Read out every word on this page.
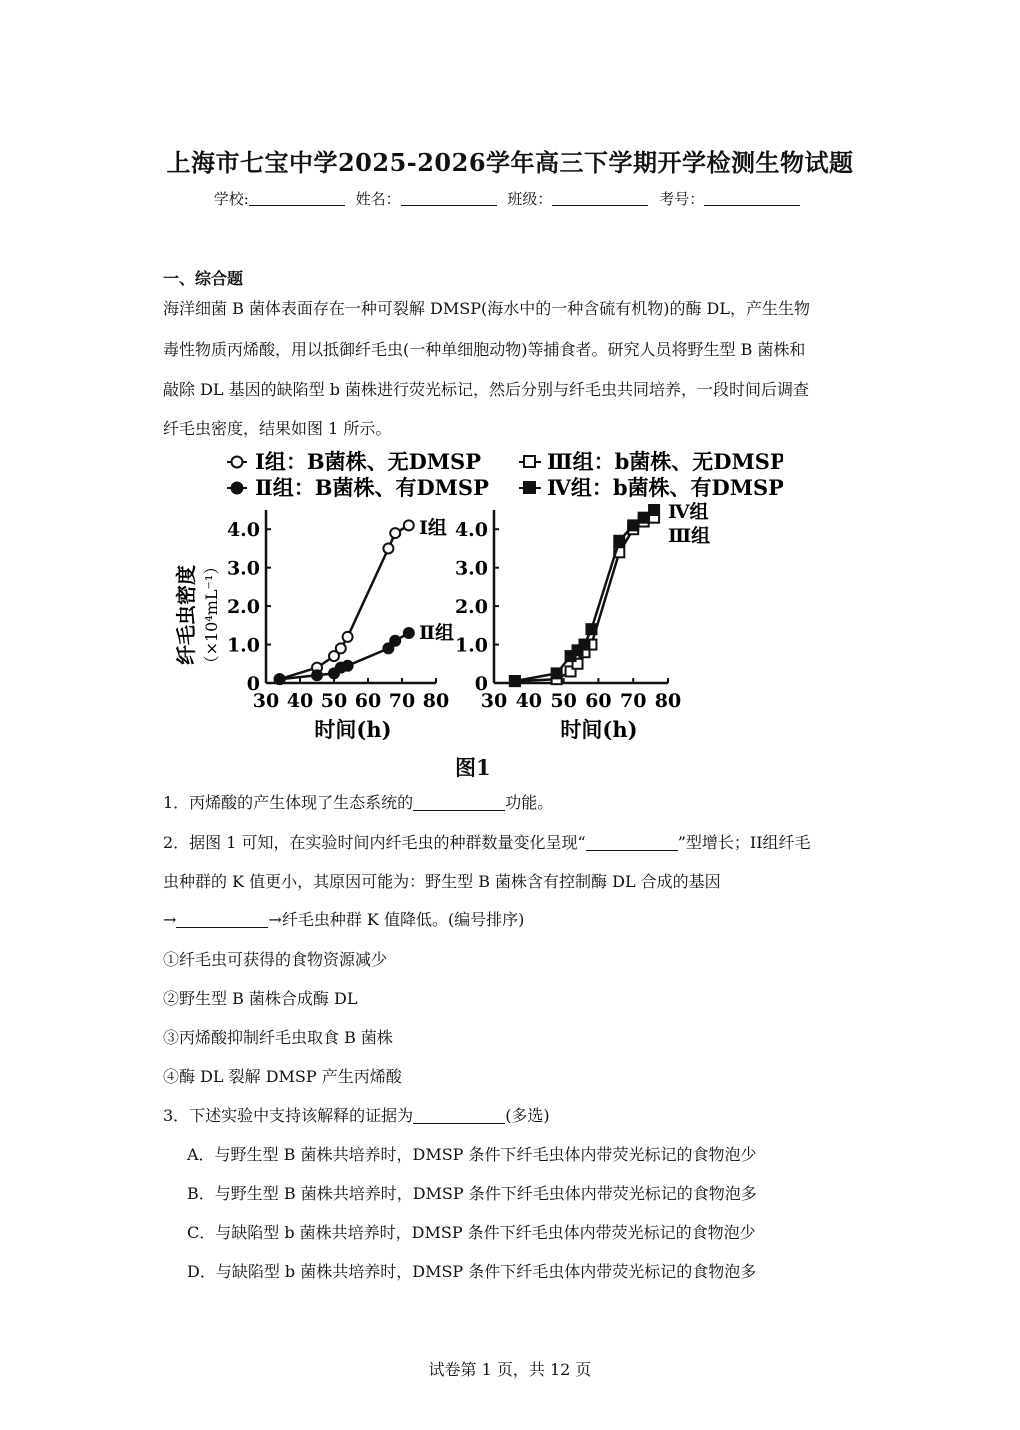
上海市七宝中学2025-2026学年高三下学期开学检测生物试题
学校:	姓名：	班级：	考号：
一、综合题
海洋细菌 B 菌体表面存在一种可裂解 DMSP(海水中的一种含硫有机物)的酶 DL，产生生物
毒性物质丙烯酸，用以抵御纤毛虫(一种单细胞动物)等捕食者。研究人员将野生型 B 菌株和
敲除 DL 基因的缺陷型 b 菌株进行荧光标记，然后分别与纤毛虫共同培养，一段时间后调查
纤毛虫密度，结果如图 1 所示。
Ⅰ组：B菌株、无DMSP
Ⅱ组：B菌株、有DMSP
Ⅲ组：b菌株、无DMSP
Ⅳ组：b菌株、有DMSP
纤毛虫密度 （×10⁴mL⁻¹）
30 40 50 60 70 80
0
1.0
2.0
3.0
4.0
30 40 50 60 70 80
0
1.0
2.0
3.0
4.0
Ⅰ组
Ⅱ组
Ⅳ组
Ⅲ组
时间(h)	时间(h)
图1
1．丙烯酸的产生体现了生态系统的	功能。
2．据图 1 可知，在实验时间内纤毛虫的种群数量变化呈现“	”型增长；II组纤毛
虫种群的 K 值更小，其原因可能为：野生型 B 菌株含有控制酶 DL 合成的基因
→	→纤毛虫种群 K 值降低。(编号排序)
①纤毛虫可获得的食物资源减少
②野生型 B 菌株合成酶 DL
③丙烯酸抑制纤毛虫取食 B 菌株
④酶 DL 裂解 DMSP 产生丙烯酸
3．下述实验中支持该解释的证据为	(多选)
A．与野生型 B 菌株共培养时，DMSP 条件下纤毛虫体内带荧光标记的食物泡少
B．与野生型 B 菌株共培养时，DMSP 条件下纤毛虫体内带荧光标记的食物泡多
C．与缺陷型 b 菌株共培养时，DMSP 条件下纤毛虫体内带荧光标记的食物泡少
D．与缺陷型 b 菌株共培养时，DMSP 条件下纤毛虫体内带荧光标记的食物泡多
试卷第 1 页，共 12 页
